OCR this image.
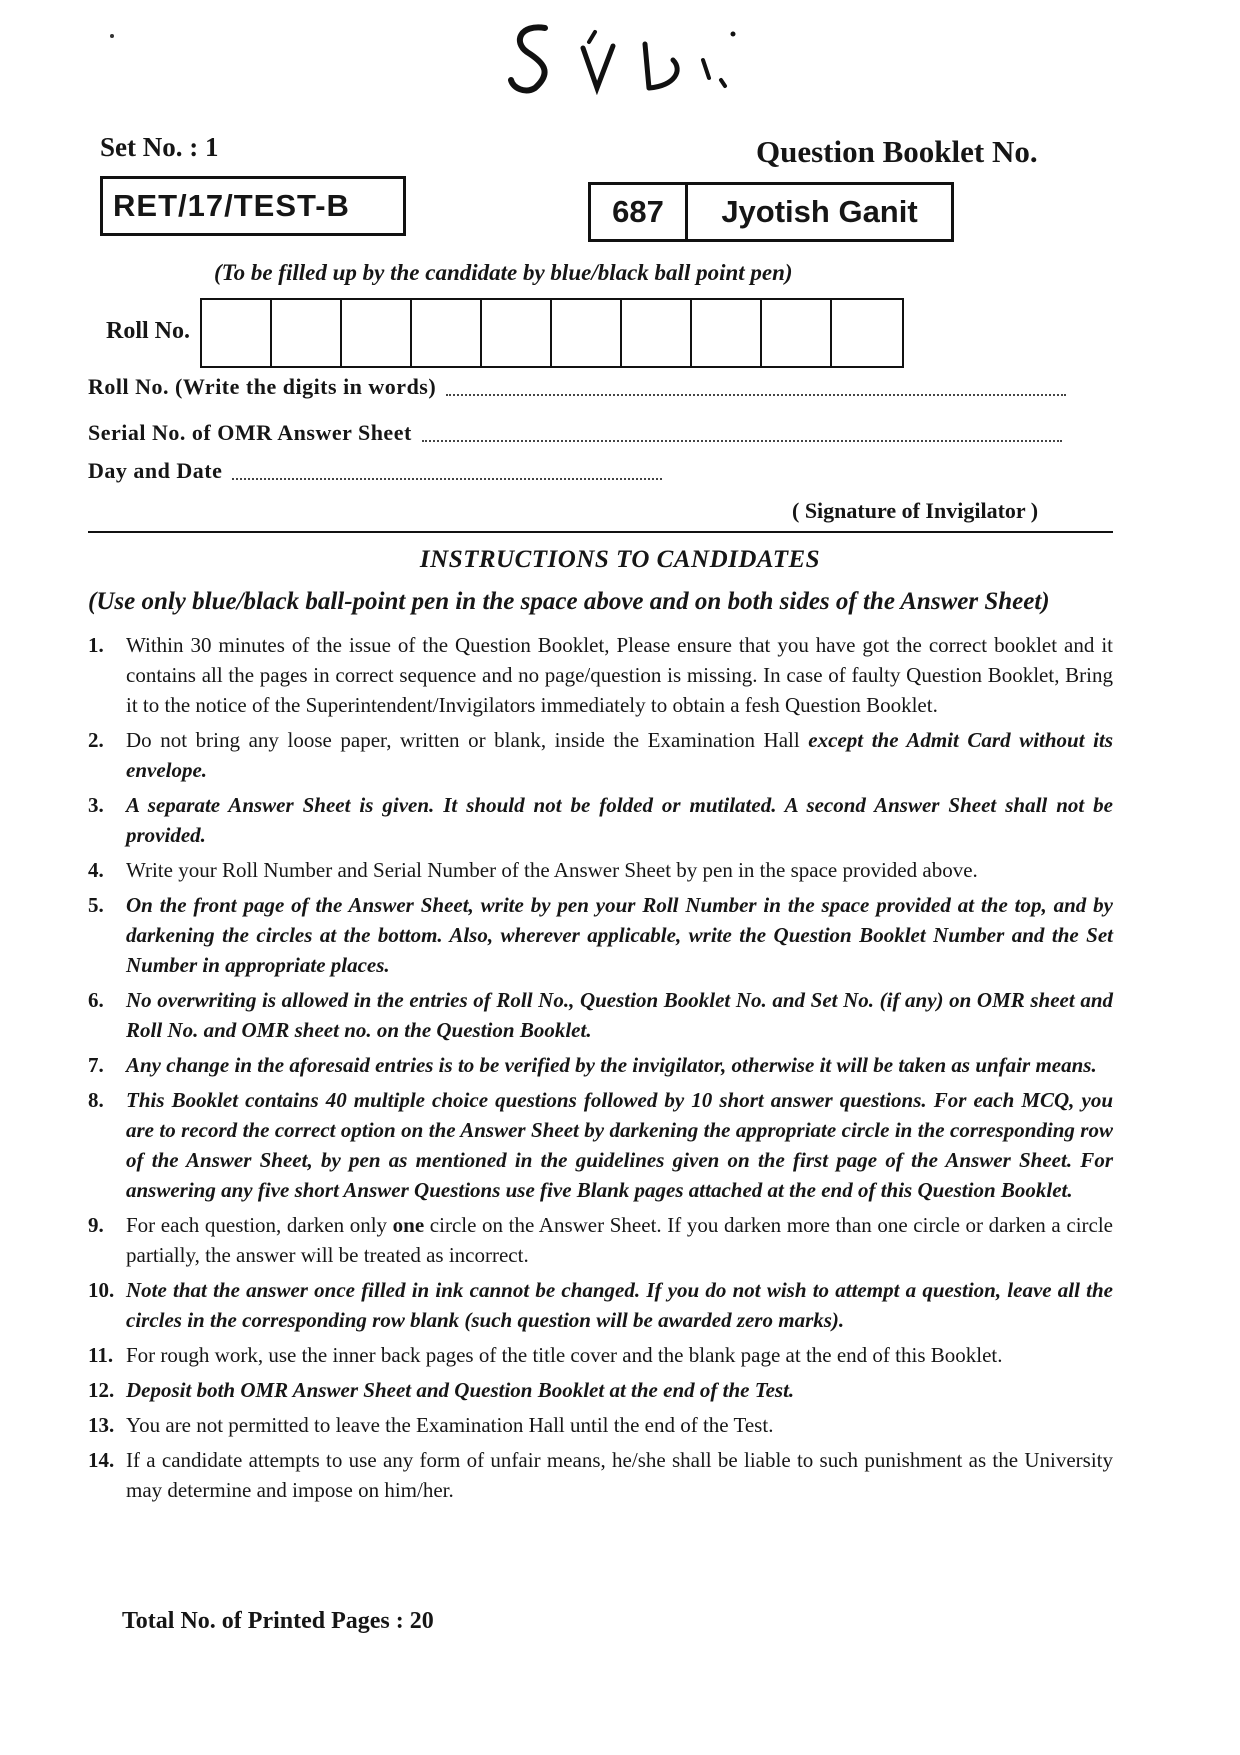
Set No. : 1	Question Booklet No.
RET/17/TEST-B	687	Jyotish Ganit
(To be filled up by the candidate by blue/black ball point pen)
Roll No.
Roll No. (Write the digits in words)
Serial No. of OMR Answer Sheet
Day and Date
( Signature of Invigilator )
INSTRUCTIONS TO CANDIDATES
(Use only blue/black ball-point pen in the space above and on both sides of the Answer Sheet)
1.	Within 30 minutes of the issue of the Question Booklet, Please ensure that you have got the correct booklet and it contains all the pages in correct sequence and no page/question is missing. In case of faulty Question Booklet, Bring it to the notice of the Superintendent/Invigilators immediately to obtain a fesh Question Booklet.
2.	Do not bring any loose paper, written or blank, inside the Examination Hall except the Admit Card without its envelope.
3.	A separate Answer Sheet is given. It should not be folded or mutilated. A second Answer Sheet shall not be provided.
4.	Write your Roll Number and Serial Number of the Answer Sheet by pen in the space provided above.
5.	On the front page of the Answer Sheet, write by pen your Roll Number in the space provided at the top, and by darkening the circles at the bottom. Also, wherever applicable, write the Question Booklet Number and the Set Number in appropriate places.
6.	No overwriting is allowed in the entries of Roll No., Question Booklet No. and Set No. (if any) on OMR sheet and Roll No. and OMR sheet no. on the Question Booklet.
7.	Any change in the aforesaid entries is to be verified by the invigilator, otherwise it will be taken as unfair means.
8.	This Booklet contains 40 multiple choice questions followed by 10 short answer questions. For each MCQ, you are to record the correct option on the Answer Sheet by darkening the appropriate circle in the corresponding row of the Answer Sheet, by pen as mentioned in the guidelines given on the first page of the Answer Sheet. For answering any five short Answer Questions use five Blank pages attached at the end of this Question Booklet.
9.	For each question, darken only one circle on the Answer Sheet. If you darken more than one circle or darken a circle partially, the answer will be treated as incorrect.
10. Note that the answer once filled in ink cannot be changed. If you do not wish to attempt a question, leave all the circles in the corresponding row blank (such question will be awarded zero marks).
11. For rough work, use the inner back pages of the title cover and the blank page at the end of this Booklet.
12. Deposit both OMR Answer Sheet and Question Booklet at the end of the Test.
13. You are not permitted to leave the Examination Hall until the end of the Test.
14. If a candidate attempts to use any form of unfair means, he/she shall be liable to such punishment as the University may determine and impose on him/her.
Total No. of Printed Pages : 20
